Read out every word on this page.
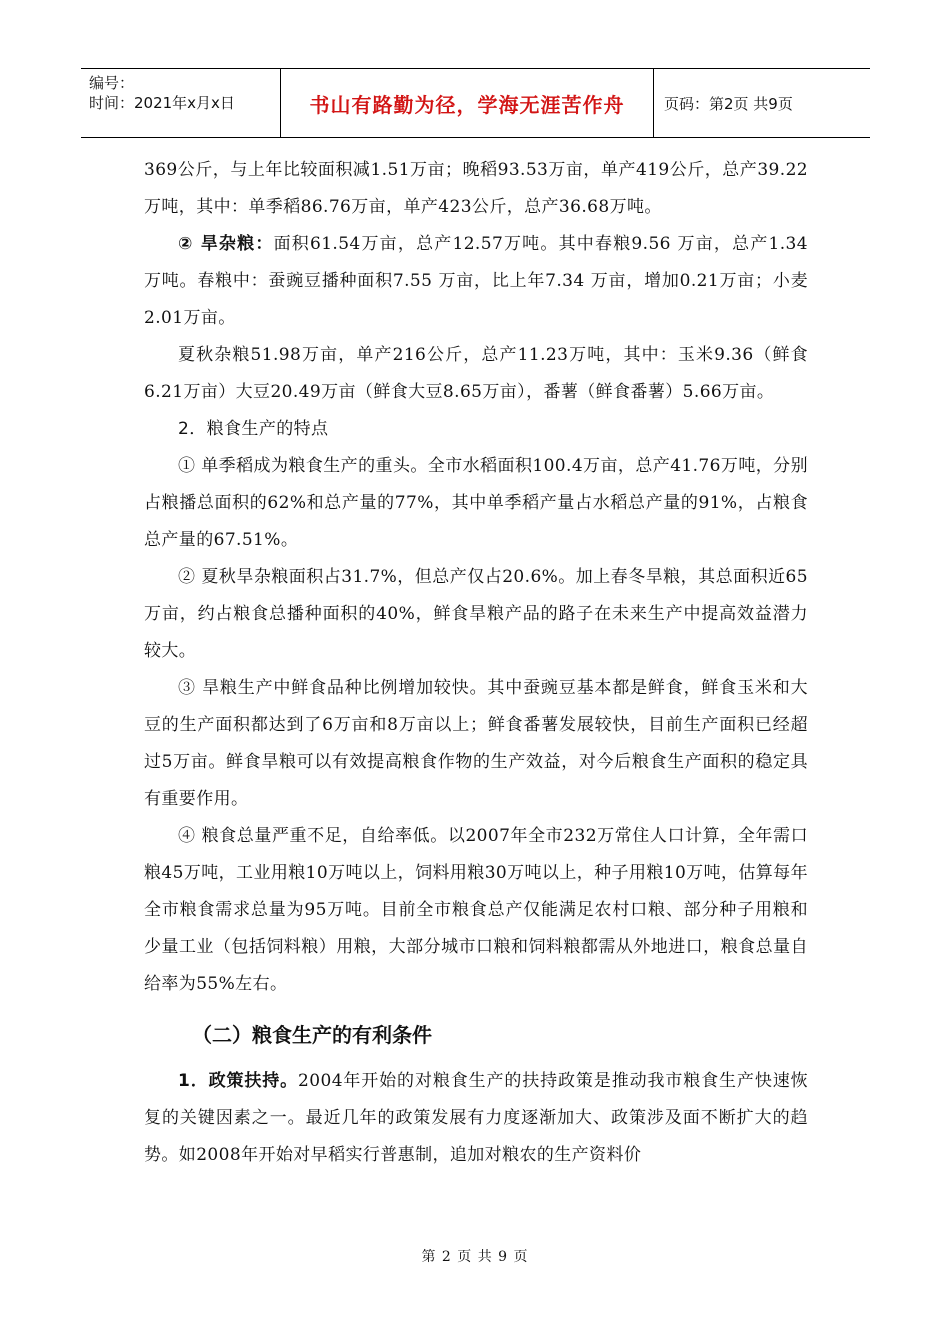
编号：
时间：2021年x月x日	书山有路勤为径，学海无涯苦作舟	页码：第2页 共9页

369公斤，与上年比较面积减1.51万亩；晚稻93.53万亩，单产419公斤，总产39.22万吨，其中：单季稻86.76万亩，单产423公斤，总产36.68万吨。

② 旱杂粮：面积61.54万亩，总产12.57万吨。其中春粮9.56 万亩，总产1.34 万吨。春粮中：蚕豌豆播种面积7.55 万亩，比上年7.34 万亩，增加0.21万亩；小麦2.01万亩。

夏秋杂粮51.98万亩，单产216公斤，总产11.23万吨，其中：玉米9.36（鲜食6.21万亩）大豆20.49万亩（鲜食大豆8.65万亩），番薯（鲜食番薯）5.66万亩。

2．粮食生产的特点

① 单季稻成为粮食生产的重头。全市水稻面积100.4万亩，总产41.76万吨，分别占粮播总面积的62%和总产量的77%，其中单季稻产量占水稻总产量的91%，占粮食总产量的67.51%。

② 夏秋旱杂粮面积占31.7%，但总产仅占20.6%。加上春冬旱粮，其总面积近65万亩，约占粮食总播种面积的40%，鲜食旱粮产品的路子在未来生产中提高效益潜力较大。

③ 旱粮生产中鲜食品种比例增加较快。其中蚕豌豆基本都是鲜食，鲜食玉米和大豆的生产面积都达到了6万亩和8万亩以上；鲜食番薯发展较快，目前生产面积已经超过5万亩。鲜食旱粮可以有效提高粮食作物的生产效益，对今后粮食生产面积的稳定具有重要作用。

④ 粮食总量严重不足，自给率低。以2007年全市232万常住人口计算，全年需口粮45万吨，工业用粮10万吨以上，饲料用粮30万吨以上，种子用粮10万吨，估算每年全市粮食需求总量为95万吨。目前全市粮食总产仅能满足农村口粮、部分种子用粮和少量工业（包括饲料粮）用粮，大部分城市口粮和饲料粮都需从外地进口，粮食总量自给率为55%左右。

（二）粮食生产的有利条件

1．政策扶持。2004年开始的对粮食生产的扶持政策是推动我市粮食生产快速恢复的关键因素之一。最近几年的政策发展有力度逐渐加大、政策涉及面不断扩大的趋势。如2008年开始对早稻实行普惠制，追加对粮农的生产资料价

第 2 页 共 9 页
